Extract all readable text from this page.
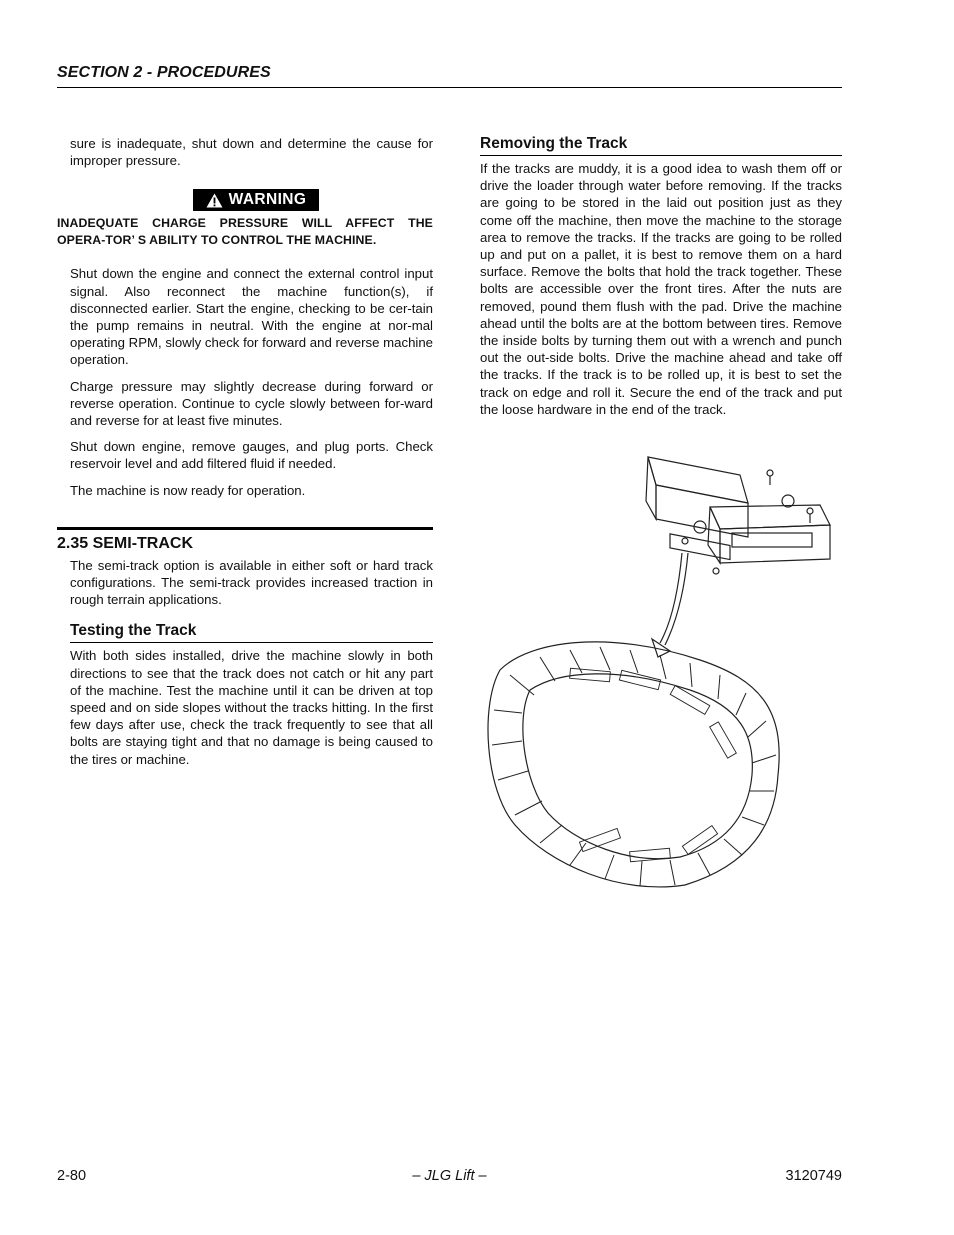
SECTION 2 - PROCEDURES

sure is inadequate, shut down and determine the cause for improper pressure.

WARNING

INADEQUATE CHARGE PRESSURE WILL AFFECT THE OPERA-TOR’ S ABILITY TO CONTROL THE MACHINE.

Shut down the engine and connect the external control input signal. Also reconnect the machine function(s), if disconnected earlier. Start the engine, checking to be cer-tain the pump remains in neutral. With the engine at nor-mal operating RPM, slowly check for forward and reverse machine operation.

Charge pressure may slightly decrease during forward or reverse operation. Continue to cycle slowly between for-ward and reverse for at least five minutes.

Shut down engine, remove gauges, and plug ports. Check reservoir level and add filtered fluid if needed.

The machine is now ready for operation.

2.35 SEMI-TRACK

The semi-track option is available in either soft or hard track configurations. The semi-track provides increased traction in rough terrain applications.

Testing the Track

With both sides installed, drive the machine slowly in both directions to see that the track does not catch or hit any part of the machine. Test the machine until it can be driven at top speed and on side slopes without the tracks hitting. In the first few days after use, check the track frequently to see that all bolts are staying tight and that no damage is being caused to the tires or machine.

Removing the Track

If the tracks are muddy, it is a good idea to wash them off or drive the loader through water before removing. If the tracks are going to be stored in the laid out position just as they come off the machine, then move the machine to the storage area to remove the tracks. If the tracks are going to be rolled up and put on a pallet, it is best to remove them on a hard surface. Remove the bolts that hold the track together. These bolts are accessible over the front tires. After the nuts are removed, pound them flush with the pad. Drive the machine ahead until the bolts are at the bottom between tires. Remove the inside bolts by turning them out with a wrench and punch out the out-side bolts. Drive the machine ahead and take off the tracks. If the track is to be rolled up, it is best to set the track on edge and roll it. Secure the end of the track and put the loose hardware in the end of the track.

2-80	– JLG Lift –	3120749
